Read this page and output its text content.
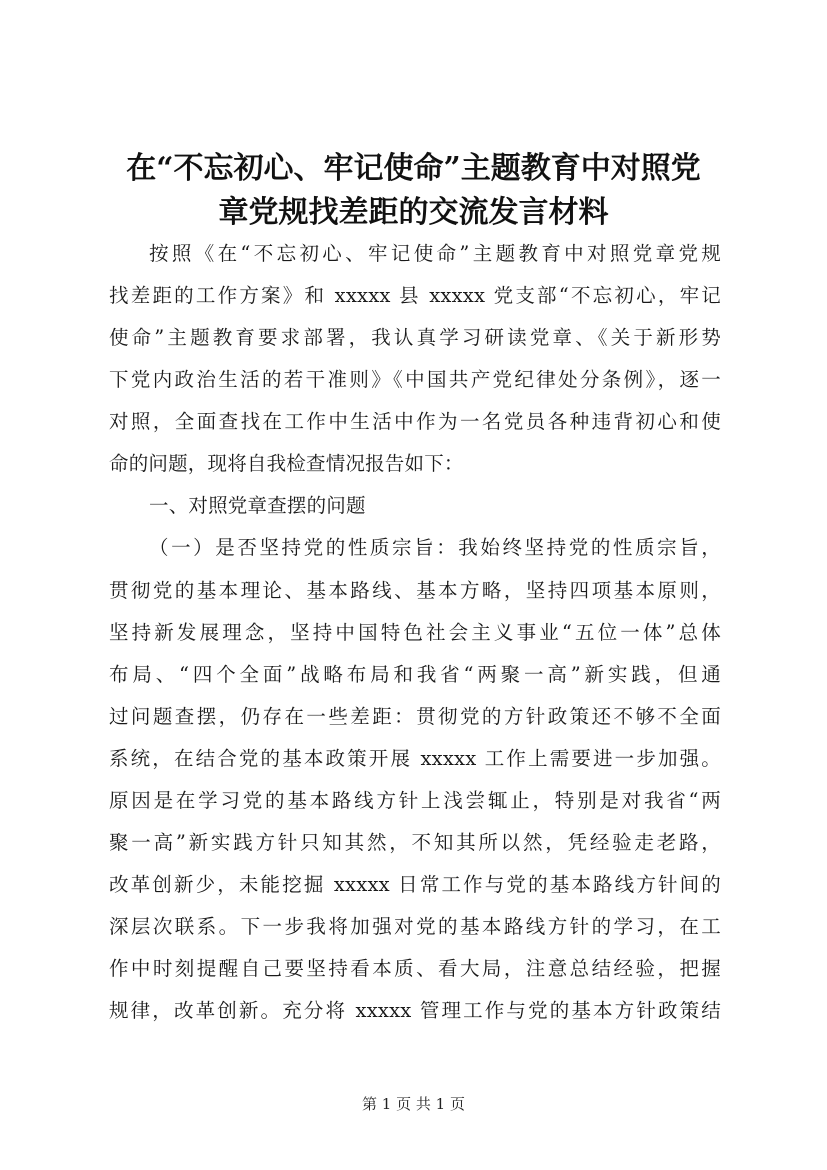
在“不忘初心、牢记使命”主题教育中对照党
章党规找差距的交流发言材料

按照《在“不忘初心、牢记使命”主题教育中对照党章党规

找差距的工作方案》和 xxxxx 县 xxxxx 党支部“不忘初心，牢记

使命”主题教育要求部署，我认真学习研读党章、《关于新形势

下党内政治生活的若干准则》《中国共产党纪律处分条例》，逐一

对照，全面查找在工作中生活中作为一名党员各种违背初心和使

命的问题，现将自我检查情况报告如下：

一、对照党章查摆的问题

（一）是否坚持党的性质宗旨：我始终坚持党的性质宗旨，

贯彻党的基本理论、基本路线、基本方略，坚持四项基本原则，

坚持新发展理念，坚持中国特色社会主义事业“五位一体”总体

布局、“四个全面”战略布局和我省“两聚一高”新实践，但通

过问题查摆，仍存在一些差距：贯彻党的方针政策还不够不全面

系统，在结合党的基本政策开展 xxxxx 工作上需要进一步加强。

原因是在学习党的基本路线方针上浅尝辄止，特别是对我省“两

聚一高”新实践方针只知其然，不知其所以然，凭经验走老路，

改革创新少，未能挖掘 xxxxx 日常工作与党的基本路线方针间的

深层次联系。下一步我将加强对党的基本路线方针的学习，在工

作中时刻提醒自己要坚持看本质、看大局，注意总结经验，把握

规律，改革创新。充分将 xxxxx 管理工作与党的基本方针政策结

第 1 页 共 1 页
